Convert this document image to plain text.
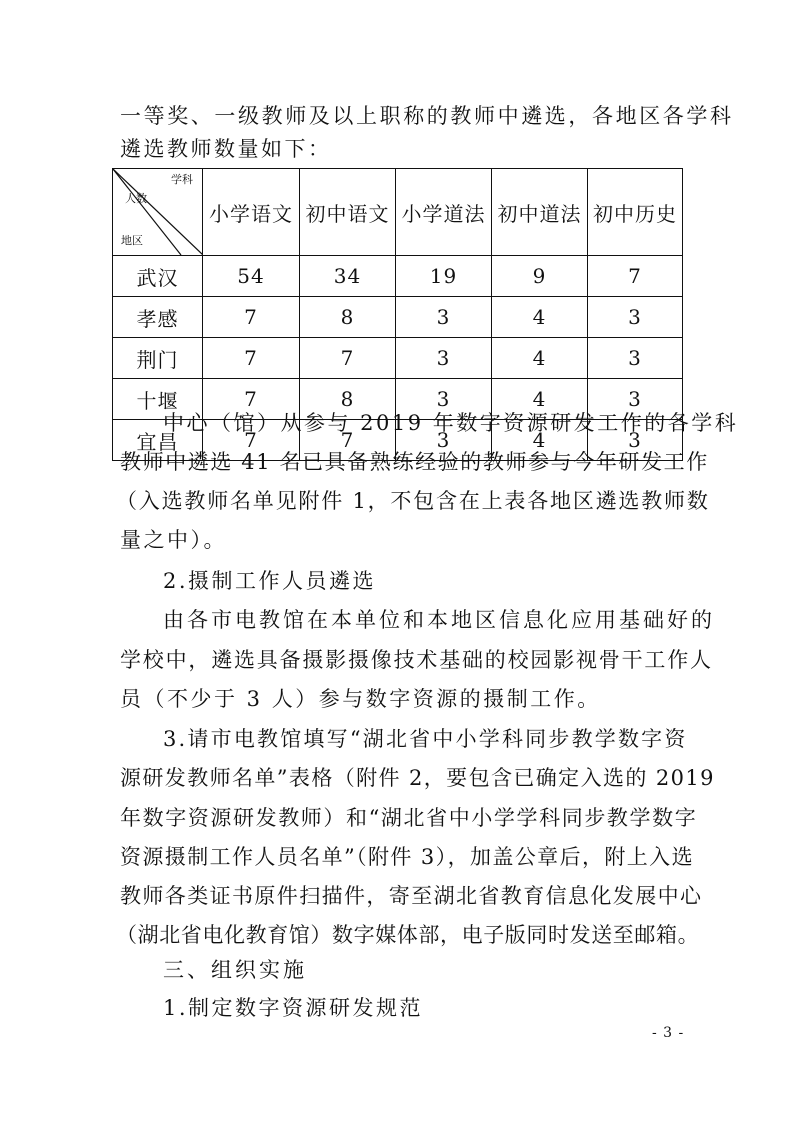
一等奖、一级教师及以上职称的教师中遴选，各地区各学科
遴选教师数量如下：
学科
人数
地区	小学语文	初中语文	小学道法	初中道法	初中历史
武汉	54	34	19	9	7
孝感	7	8	3	4	3
荆门	7	7	3	4	3
十堰	7	8	3	4	3
宜昌	7	7	3	4	3
中心（馆）从参与 2019 年数字资源研发工作的各学科
教师中遴选 41 名已具备熟练经验的教师参与今年研发工作
（入选教师名单见附件 1，不包含在上表各地区遴选教师数
量之中）。
2.摄制工作人员遴选
由各市电教馆在本单位和本地区信息化应用基础好的
学校中，遴选具备摄影摄像技术基础的校园影视骨干工作人
员（不少于 3 人）参与数字资源的摄制工作。
3.请市电教馆填写“湖北省中小学科同步教学数字资
源研发教师名单”表格（附件 2，要包含已确定入选的 2019
年数字资源研发教师）和“湖北省中小学学科同步教学数字
资源摄制工作人员名单”（附件 3），加盖公章后，附上入选
教师各类证书原件扫描件，寄至湖北省教育信息化发展中心
（湖北省电化教育馆）数字媒体部，电子版同时发送至邮箱。
三、组织实施
1.制定数字资源研发规范
- 3 -
